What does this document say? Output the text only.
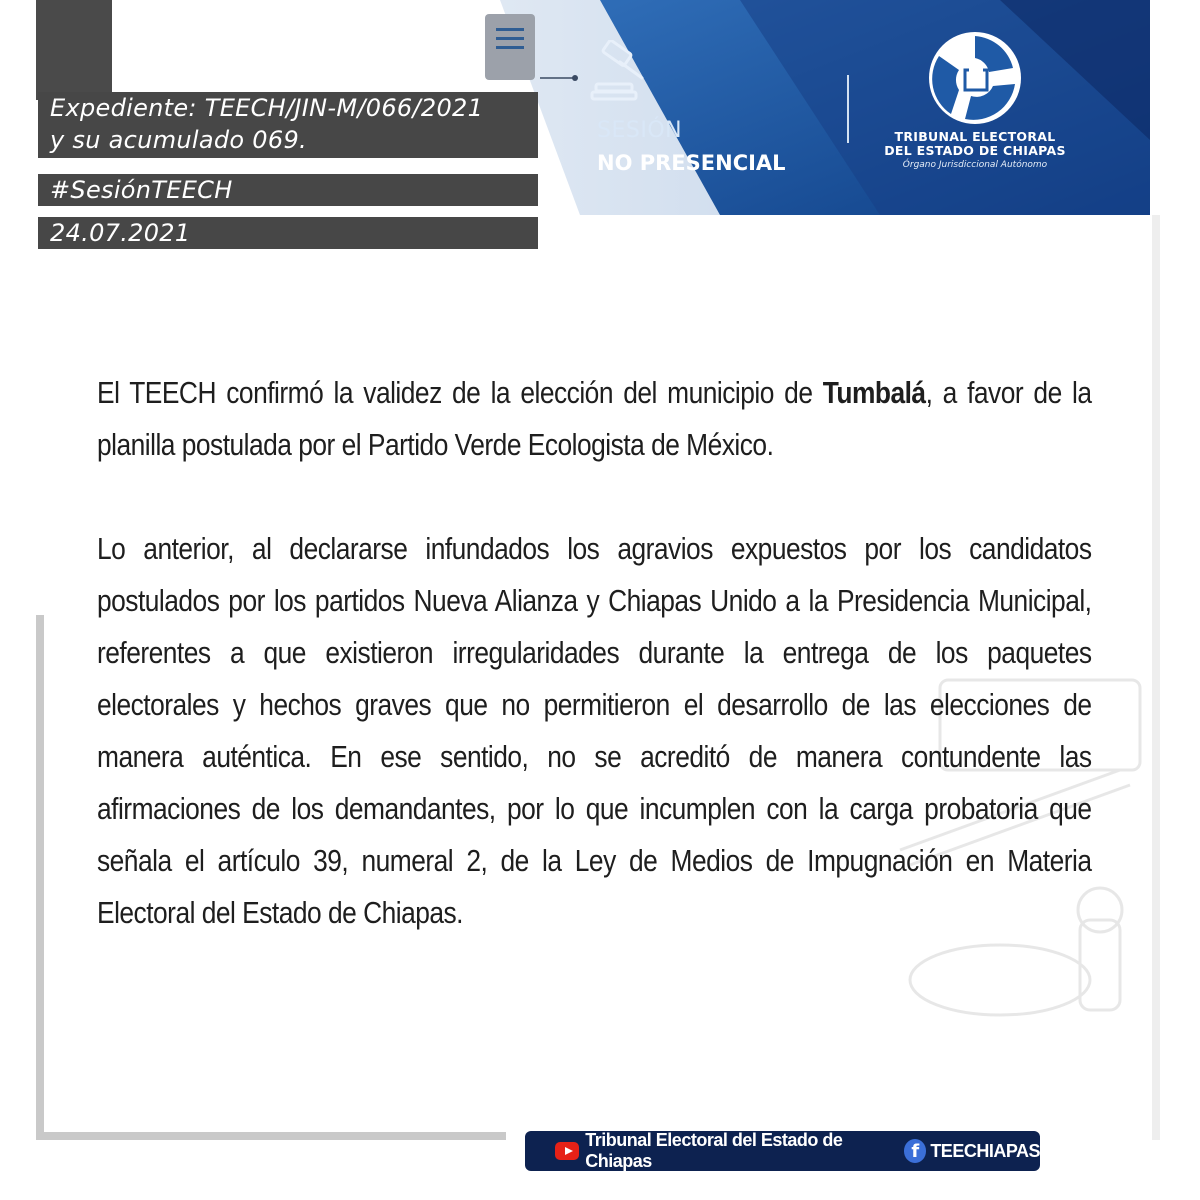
Expediente: TEECH/JIN-M/066/2021
y su acumulado 069.
#SesiónTEECH
24.07.2021
SESIÓN
NO PRESENCIAL
TRIBUNAL ELECTORAL
DEL ESTADO DE CHIAPAS
Órgano Jurisdiccional Autónomo

El TEECH confirmó la validez de la elección del municipio de Tumbalá, a favor de la planilla postulada por el Partido Verde Ecologista de México.

Lo anterior, al declararse infundados los agravios expuestos por los candidatos postulados por los partidos Nueva Alianza y Chiapas Unido a la Presidencia Municipal, referentes a que existieron irregularidades durante la entrega de los paquetes electorales y hechos graves que no permitieron el desarrollo de las elecciones de manera auténtica. En ese sentido, no se acreditó de manera contundente las afirmaciones de los demandantes, por lo que incumplen con la carga probatoria que señala el artículo 39, numeral 2, de la Ley de Medios de Impugnación en Materia Electoral del Estado de Chiapas.

Tribunal Electoral del Estado de Chiapas	f TEECHIAPAS
